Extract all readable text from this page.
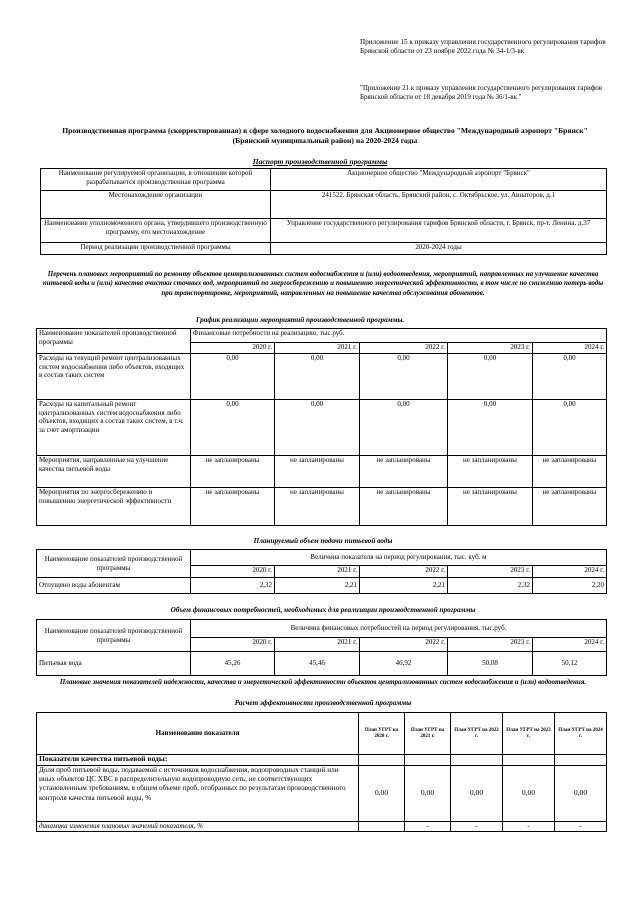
Приложение 15 к приказу управления государственного регулирования тарифов Брянской области от 23 ноября 2022 года № 34-1/3-вк
"Приложение 21 к приказу управления государственного регулирования тарифов Брянской области от 18 декабря 2019 года № 36/1-вк "
Производственная программа (скорректированная) в сфере холодного водоснабжения для Акционерное общество "Международный аэропорт "Брянск" (Брянский муниципальный район) на 2020-2024 годы
Паспорт производственной программы
Наименование регулируемой организации, в отношении которой разрабатывается производственная программа	Акционерное общество "Международный аэропорт "Брянск"
Местонахождение организации	241522, Брянская область, Брянский район, с. Октябрьское, ул. Авиаторов, д.1
Наименование уполномоченного органа, утвердившего производственную программу, его местонахождение	Управление государственного регулирования тарифов Брянской области, г. Брянск, пр-т. Ленина, д.37
Период реализации производственной программы	2020-2024 годы
Перечень плановых мероприятий по ремонту объектов централизованных систем водоснабжения и (или) водоотведения, мероприятий, направленных на улучшение качества питьевой воды и (или) качества очистки сточных вод, мероприятий по энергосбережению и повышению энергетической эффективности, в том числе по снижению потерь воды при транспортировке, мероприятий, направленных на повышение качества обслуживания абонентов.
График реализации мероприятий производственной программы.
Наименование показателей производственной программы	Финансовые потребности на реализацию, тыс.руб.				
	2020 г.	2021 г.	2022 г.	2023 г.	2024 г.
Расходы на текущий ремонт централизованных систем водоснабжения либо объектов, входящих в состав таких систем	0,00	0,00	0,00	0,00	0,00
Расходы на капитальный ремонт централизованных систем водоснабжения либо объектов, входящих в состав таких систем, в т.ч. за счет амортизации	0,00	0,00	0,00	0,00	0,00
Мероприятия, направленные на улучшение качества питьевой воды	не запланированы	не запланированы	не запланированы	не запланированы	не запланированы
Мероприятия по энергосбережению и повышению энергетической эффективности	не запланированы	не запланированы	не запланированы	не запланированы	не запланированы
Планируемый объем подачи питьевой воды
Наименование показателей производственной программы	Величина показателя на период регулирования, тыс. куб. м				
	2020 г.	2021 г.	2022 г.	2023 г.	2024 г.
Отпущено воды абонентам	2,32	2,21	2,21	2,32	2,20
Объем финансовых потребностей, необходимых для реализации производственной программы
Наименование показателей производственной программы	Величина финансовых потребностей на период регулирования, тыс.руб.				
	2020 г.	2021 г.	2022 г.	2023 г.	2024 г.
Питьевая вода	45,26	45,46	46,92	50,08	50,12
Плановые значения показателей надежности, качества и энергетической эффективности объектов централизованных систем водоснабжения и (или) водоотведения.
Расчет эффективности производственной программы
Наименование показателя	План УГРТ на 2020 г.	План УГРТ на 2021 г.	План УГРТ на 2022 г.	План УГРТ на 2023 г.	План УГРТ на 2024 г.
Показатели качества питьевой воды:					
Доля проб питьевой воды, подаваемой с источников водоснабжения, водопроводных станций или иных объектов ЦС ХВС в распределительную водопроводную сеть, не соответствующих установленным требованиям, в общем объеме проб, отобранных по результатам производственного контроля качества питьевой воды, %	0,00	0,00	0,00	0,00	0,00
динамика изменения плановых значений показателя, %		-	-	-	-
